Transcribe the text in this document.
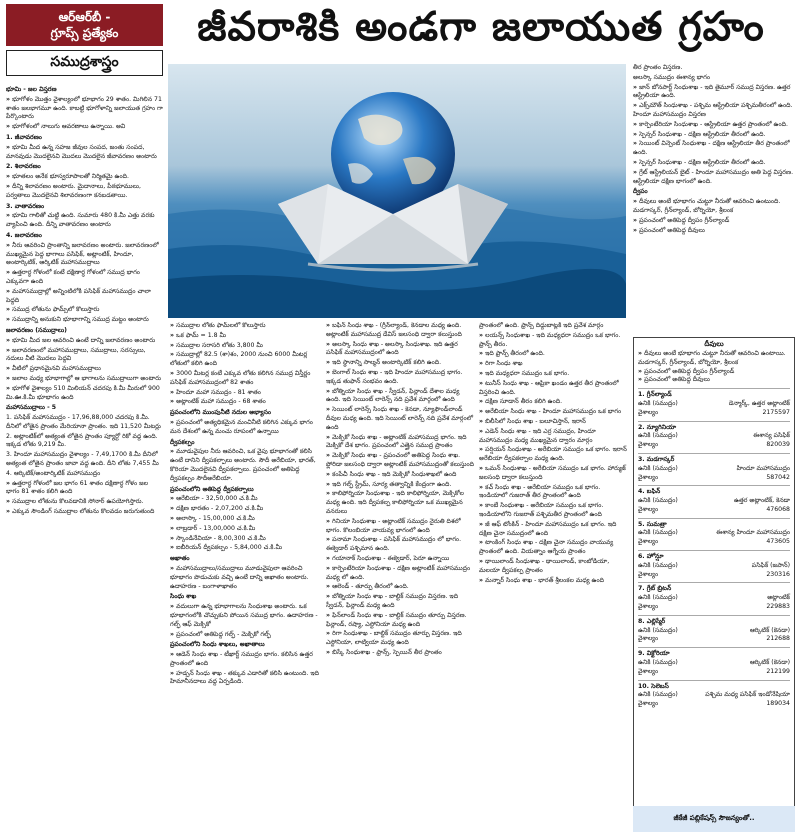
ఆర్‌ఆర్‌బీ -
గ్రూప్స్ ప్రత్యేకం
సముద్రశాస్త్రం
జీవరాశికి అండగా జలాయుత గ్రహం

భూమి - జల విస్తరణ

» భూగోళం మొత్తం వైశాల్యంలో భూభాగం 29 శాతం. మిగిలిన 71 శాతం జలభాగమూ ఉంది. కాబట్టి భూగోళాన్ని జలాయుత గ్రహం గా పేర్కొంటారు

» భూగోళంలో నాలుగు ఆవరణాలు ఉన్నాయి. అవి

1. జీవావరణం

» భూమి మీద ఉన్న సహజ జీవుల సంపద, జంతు సంపద, మానవుడు మొదలైనవి మొదలు మొదలైన జీవావరణం అంటారు

2. శిలావరణం

» భూతలం అనేక భూస్వరూపాలతో నిర్మితమై ఉంది.

» దీన్ని శిలావరణం అంటారు. మైదానాలు, పీఠభూములు, పర్వతాలు మొదలైనవి శిలావరణంగా కనబడతాయి.

3. వాతావరణం

» భూమి గాలితో చుట్టి ఉంది. సుమారు 480 కి.మీ ఎత్తు వరకు వ్యాపించి ఉంది. దీన్ని వాతావరణం అంటారు

4. జలావరణం

» నీరు ఆవరించి ప్రాంతాన్ని జలావరణం అంటారు. జలావరణంలో ముఖ్యమైన పెద్ద భాగాలు పసిఫిక్, అట్లాంటిక్, హిందూ, అంటార్కిటిక్, ఆర్కిటిక్ మహాసముద్రాలు

» ఉత్తరార్ధ గోళంలో కంటే దక్షిణార్ధ గోళంలో సముద్ర భాగం ఎక్కువగా ఉంది

» మహాసముద్రాల్లో అన్నింటిలోకి పసిఫిక్ మహాసముద్రం చాలా పెద్దది

» సముద్ర లోతును ఫామ్స్‌లో కొలుస్తారు

» సముద్రాన్ని అనుకుని భూభాగాన్ని సముద్ర మట్టం అంటారు

జలావరణం (సముద్రాలు)

» భూమి మీద జల ఆవరించి ఉంటే దాన్ని జలావరణం అంటారు

» జలావరణంలో మహాసముద్రాలు, సముద్రాలు, సరస్సులు, నదులు వీటి మొదలు పెద్దవి

» వీటిలో ప్రధానమైనవి మహాసముద్రాలు

» జలాల మధ్య భూభాగాల్లో ఆ భాగాలను సముద్రాలుగా అంటారు

» భూగోళ వైశాల్యం 510 మిలియన్ చదరపు కి.మీ మీరులో 900 మి.ఊ.కి.మీ భూభాగం ఉంది

మహాసముద్రాలు - 5

1. పసిఫిక్ మహాసముద్రం - 17,96,88,000 చదరపు కి.మీ. దీనిలో లోతైన ప్రాంతం మేరియానా ప్రాంతం. ఇది 11,520 మీటర్లు

2. అట్లాంటిక్‌లో అత్యంత లోతైన ప్రాంతం ప్యూర్టో రికో వద్ద ఉంది. ఇక్కడ లోతు 9,219 మీ.

3. హిందూ మహాసముద్రం వైశాల్యం - 7,49,1700 కి.మీ దీనిలో అత్యంత లోతైన ప్రాంతం జావా వద్ద ఉంది. దీని లోతు 7,455 మీ

4. ఆర్కిటిక్/అంటార్కిటిక్ మహాసముద్రం

» ఉత్తరార్ధ గోళంలో జల భాగం 61 శాతం దక్షిణార్ధ గోళం జల భాగం 81 శాతం కలిగి ఉంది

» సముద్రాల లోతును కొలవడానికి సోనార్ ఉపయోగిస్తారు.

» ఎక్కువ సౌండింగ్ సముద్రాల లోతును కొలవడం జరుగుతుంది

» సముద్రాల లోతు ఫామ్‌లలో కొలుస్తారు

» ఒక ఫామ్ = 1.8 మీ

» సముద్రాల సరాసరి లోతు 3,800 మీ

» సముద్రాల్లో 82.5 (శా)శం, 2000 నుంచి 6000 మీటర్ల లోతులో కలిగి ఉంది

» 3000 మీటర్ల కంటే ఎక్కువ లోతు కలిగిన సముద్ర విస్తీర్ణం పసిఫిక్ మహాసముద్రంలో 82 శాతం

» హిందూ మహా సముద్రం - 81 శాతం

» అట్లాంటిక్ మహా సముద్రం - 68 శాతం

ప్రపంచంలోని ముంపునీటి నదుల అభ్యాసం

» ప్రపంచంలో అత్యధికమైన మంచినీటి కలిగిన ఎక్కువ భాగం మన దేశంలో ఉన్న మంచు రూపంలో ఉన్నాయి

ద్వీపకల్పం

» మూడువైపుల నీరు ఆవరించి, ఒక వైపు భూభాగంతో కలిసి ఉంటే దానిని ద్వీపకల్పాలు అంటారు. సౌదీ అరేబియా, భారత్, కొరియా మొదలైనవి ద్వీపకల్పాలు. ప్రపంచంలో అతిపెద్ద ద్వీపకల్పం సౌదీఅరేబియా.

ప్రపంచంలోని అతిపెద్ద ద్వీపకల్పాలు

» ఆరేబియా - 32,50,000 చ.కి.మీ

» దక్షిణ భారతం - 2,07,200 చ.కి.మీ

» అలాస్కా - 15,00,000 చ.కి.మీ

» లాబ్రడార్ - 13,00,000 చ.కి.మీ

» స్కాండినేవియా - 8,00,300 చ.కి.మీ

» ఐబీరియన్ ద్వీపకల్పం - 5,84,000 చ.కి.మీ

అఖాతం

» మహాసముద్రాలు/సముద్రాలు మూడువైపులా ఆవరించి భూభాగం పొడుచుకు వచ్చి ఉంటే దాన్ని అఖాతం అంటారు. ఉదాహరణ - బంగాళాఖాతం

సింధు శాఖ

» వదులుగా ఉన్న భూభాగాలను సింధుశాఖ అంటారు. ఒక భూభాగంలోకి చొచ్చుకుని పోయిన సముద్ర భాగం. ఉదాహరణ - గల్ఫ్ ఆఫ్ మెక్సికో

» ప్రపంచంలో అతిపెద్ద గల్ఫ్ - మెక్సికో గల్ఫ్

ప్రపంచంలోని సింధు శాఖలు, అఖాతాలు

» ఆడెన్ సింధు శాఖ - టీఖార్ట్ సముద్రం భాగం. కలిసిన ఉత్తర ప్రాంతంలో ఉంది

» హడ్సన్ సింధు శాఖ - తక్కువ ఎడారితో కలిసి ఉంటుంది. ఇది హిమానీనదాలు వద్ద ఏర్పడింది.

» బఫిన్ సింధు శాఖ - (గ్రీన్‌ల్యాండ్, కెనడాల మధ్య ఉంది. అట్లాంటిక్ మహాసముద్ర డేవిస్ జలసంధి ద్వారా కలుస్తుంది

» అలస్కా సింధు శాఖ - అలస్కా సింధుశాఖ. ఇది ఉత్తర పసిఫిక్ మహాసముద్రంలో ఉంది

» ఇది స్థానాన్ని సాల్మన్ అంటార్కిటిక్ కలిగి ఉంది.

» బెంగాల్ సింధు శాఖ - ఇది హిందూ మహాసముద్ర భాగం. ఇక్కడ తుఫాన్ సంభవం ఉంది.

» బోత్నియా సింధు శాఖ - స్వీడన్, ఫిన్లాండ్ దేశాల మధ్య ఉంది. ఇది సెయింట్ లారెన్స్ నది ప్రవేశ మార్గంలో ఉంది

» సెయింట్ లారెన్స్ సింధు శాఖ - కెనడా, న్యూఫౌండ్‌లాండ్ దీవుల మధ్య ఉంది. ఇది సెయింట్ లారెన్స్ నది ప్రవేశ మార్గంలో ఉంది

» మెక్సికో సింధు శాఖ - అట్లాంటిక్ మహాసముద్ర భాగం. ఇది మెక్సికో దేశ భాగం. ప్రపంచంలో ఎత్తైన సముద్ర ప్రాంతం

» మెక్సికో సింధు శాఖ - ప్రపంచంలో అతిపెద్ద సింధు శాఖ. ఫ్లోరిడా జలసంధి ద్వారా అట్లాంటిక్ మహాసముద్రంతో కలుస్తుంది

» కంపేచీ సింధు శాఖ - ఇది మెక్సికో సింధుశాఖలో ఉంది

» ఇది గల్ఫ్ స్ట్రీమ్, సూర్య తత్వాన్నికి కేంద్రంగా ఉంది.

» కాలిఫోర్నియా సింధుశాఖ - ఇది కాలిఫోర్నియా, మెక్సికోల మధ్య ఉంది. ఇది ద్వీపకల్ప కాలిఫోర్నియా ఒక ముఖ్యమైన వనరులు

» గినియా సింధుశాఖ - అట్లాంటిక్ సముద్రం నైరుతి దిశలో భాగం. కొలంబియా వాయవ్య భాగంలో ఉంది

» పనామా సింధుశాఖ - పసిఫిక్ మహాసముద్రం లో భాగం. ఈక్వెడార్ పశ్చిమాన ఉంది.

» గయానాక్ సింధుశాఖ - ఈక్వెడార్, పెరూ ఉన్నాయి

» కార్పెంటేరియా సింధుశాఖ - దక్షిణ అట్లాంటిక్ మహాసముద్రం మధ్య లో ఉంది.

» ఆలెండ్ - తూర్పు తీరంలో ఉంది.

» బోత్నియా సింధు శాఖ - బాల్టిక్ సముద్రం విస్తరణ. ఇది స్వీడన్, ఫిన్లాండ్ మధ్య ఉంది

» ఫిన్‌లాండ్ సింధు శాఖ - బాల్టిక్ సముద్రం తూర్పు విస్తరణ. ఫిన్లాండ్, రష్యా, ఎస్టోనియా మధ్య ఉంది

» రిగా సింధుశాఖ - బాల్టిక్ సముద్రం తూర్పు విస్తరణ. ఇది ఎస్టోనియా, లాట్వియా మధ్య ఉంది

» బిస్కే సింధుశాఖ - ఫ్రాన్స్, స్పెయిన్ తీర ప్రాంతం

ప్రాంతంలో ఉంది. ఫ్రాన్స్ దిద్దుబాట్లకి ఇది ప్రవేశ మార్గం

» లయన్స్ సింధుశాఖ - ఇది మధ్యధరా సముద్రం ఒక భాగం. ఫ్రాన్స్ తీరం.

» ఇది ఫ్రాన్స్ తీరంలో ఉంది.

» రిగా సింధు శాఖ

» ఇది మధ్యధరా సముద్రం ఒక భాగం.

» టునీస్ సింధు శాఖ - ఆఫ్రికా ఖండం ఉత్తర తీర ప్రాంతంలో విస్తరించి ఉంది.

» దక్షిణ సూడాన్ తీరం కలిగి ఉంది.

» అరేబియా సింధు శాఖ - హిందూ మహాసముద్రం ఒక భాగం

» బిలీసిలో సింధు శాఖ - బలూచిస్తాన్, ఇరాన్

» ఎడెన్ సింధు శాఖ - ఇది ఎర్ర సముద్రం, హిందూ మహాసముద్రం మధ్య ముఖ్యమైన ద్వారం మార్గం

» పర్షియన్ సింధుశాఖ - అరేబియా సముద్రం ఒక భాగం. ఇరాన్ అరేబియా ద్వీపకల్పాల మధ్య ఉంది.

» ఒమన్ సింధుశాఖ - అరేబియా సముద్రం ఒక భాగం. హార్ముజ్ జలసంధి ద్వారా కలుస్తుంది

» కచ్ సింధు శాఖ - అరేబియా సముద్రం ఒక భాగం. ఇండియాలో గుజరాత్ తీర ప్రాంతంలో ఉంది

» కాంబే సింధుశాఖ - అరేబియా సముద్రం ఒక భాగం. ఇండియాలోని గుజరాత్ పశ్చిమతీర ప్రాంతంలో ఉంది

» జీ ఆఫ్ టోంకిన్ - హిందూ మహాసముద్రం ఒక భాగం. ఇది దక్షిణ చైనా సముద్రంలో ఉంది

» టాంకింగ్ సింధు శాఖ - దక్షిణ చైనా సముద్రం వాయువ్య ప్రాంతంలో ఉంది. వియత్నాం ఆగ్నేయ ప్రాంతం

» థాయిలాండ్ సింధుశాఖ - థాయిలాండ్, కాంబోడియా, మలయా ద్వీపకల్ప ప్రాంతం

» మన్నార్ సింధు శాఖ - భారత్ శ్రీలంకల మధ్య ఉంది

తీర ప్రాంతం విస్తరణ.

అలస్కా సముద్రం ఈశాన్య భాగం

» జాన్ బోనపార్ట్ సింధుశాఖ - ఇది తైమూర్ సముద్ర విస్తరణ. ఉత్తర ఆస్ట్రేలియా ఉంది.

» ఎక్స్‌మౌత్ సింధుశాఖ - పశ్చిమ ఆస్ట్రేలియా పశ్చిమతీరంలో ఉంది. హిందూ మహాసముద్రం విస్తరణ

» కార్పెంటేరియా సింధుశాఖ - ఆస్ట్రేలియా ఉత్తర ప్రాంతంలో ఉంది.

» స్పెన్సర్ సింధుశాఖ - దక్షిణ ఆస్ట్రేలియా తీరంలో ఉంది.

» సెయింట్ విన్సెంట్ సింధుశాఖ - దక్షిణ ఆస్ట్రేలియా తీర ప్రాంతంలో ఉంది.

» స్పెన్సర్ సింధుశాఖ - దక్షిణ ఆస్ట్రేలియా తీరంలో ఉంది.

» గ్రేట్ ఆస్ట్రేలియన్ బైట్ - హిందూ మహాసముద్రం అతి పెద్ద విస్తరణ. ఆస్ట్రేలియా దక్షిణ భాగంలో ఉంది.

ద్వీపం

» దీవులు అంటే భూభాగం చుట్టూ నీరుతో ఆవరించి ఉంటుంది. మడగాస్కర్, గ్రీన్‌ల్యాండ్, బోర్నియో, శ్రీలంక

» ప్రపంచంలో అతిపెద్ద ద్వీపం గ్రీన్‌ల్యాండ్

» ప్రపంచంలో అతిపెద్ద దీవులు

దీవులు

» దీవులు అంటే భూభాగం చుట్టూ నీరుతో ఆవరించి ఉంటాయి. మడగాస్కర్, గ్రీన్‌ల్యాండ్, బోర్నియో, శ్రీలంక

» ప్రపంచంలో అతిపెద్ద ద్వీపం గ్రీన్‌ల్యాండ్

» ప్రపంచంలో అతిపెద్ద దీవులు

1. గ్రీన్‌ల్యాండ్
ఉనికి (సముద్రం)	డెన్మార్క్, ఉత్తర అట్లాంటిక్
వైశాల్యం	2175597
2. న్యూగినియా
ఉనికి (సముద్రం)	ఈశాన్య పసిఫిక్
వైశాల్యం	820039
3. మడగాస్కర్
ఉనికి (సముద్రం)	హిందూ మహాసముద్రం
వైశాల్యం	587042
4. బఫిన్
ఉనికి (సముద్రం)	ఉత్తర అట్లాంటిక్, కెనడా
వైశాల్యం	476068
5. సుమత్రా
ఉనికి (సముద్రం)	ఈశాన్య హిందూ మహాసముద్రం
వైశాల్యం	473605
6. హోన్షూ
ఉనికి (సముద్రం)	పసిఫిక్ (జపాన్)
వైశాల్యం	230316
7. గ్రేట్ బ్రిటన్
ఉనికి (సముద్రం)	అట్లాంటిక్
వైశాల్యం	229883
8. ఎల్లిస్మేర్
ఉనికి (సముద్రం)	ఆర్కిటిక్ (కెనడా)
వైశాల్యం	212688
9. విక్టోరియా
ఉనికి (సముద్రం)	ఆర్కిటిక్ (కెనడా)
వైశాల్యం	212199
10. సెలెబస్
ఉనికి (సముద్రం)	పశ్చిమ మధ్య పసిఫిక్ ఇండోనేషియా
వైశాల్యం	189034
జీకేజీ పబ్లికేషన్స్ సౌజన్యంతో..
